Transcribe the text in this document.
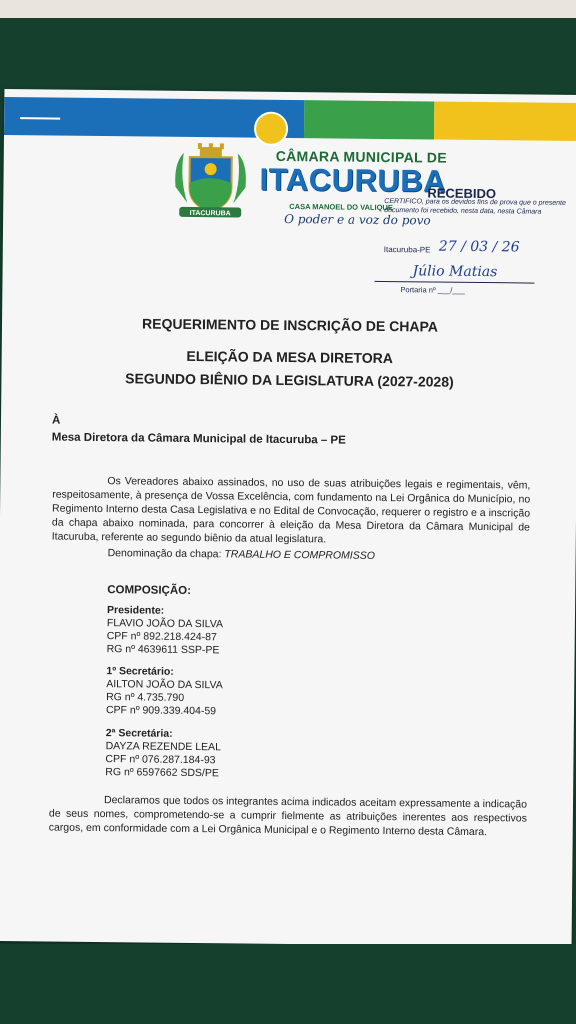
ITACURUBA
CÂMARA MUNICIPAL DE
ITACURUBA
CASA MANOEL DO VALIQUE
O poder e a voz do povo
RECEBIDO
CERTIFICO, para os devidos fins de prova que o presente documento foi recebido, nesta data, nesta Câmara
Itacuruba-PE 27 / 03 / 26
Júlio Matias
Portaria nº ___/___
REQUERIMENTO DE INSCRIÇÃO DE CHAPA
ELEIÇÃO DA MESA DIRETORA
SEGUNDO BIÊNIO DA LEGISLATURA (2027-2028)
À
Mesa Diretora da Câmara Municipal de Itacuruba – PE
Os Vereadores abaixo assinados, no uso de suas atribuições legais e regimentais, vêm, respeitosamente, à presença de Vossa Excelência, com fundamento na Lei Orgânica do Município, no Regimento Interno desta Casa Legislativa e no Edital de Convocação, requerer o registro e a inscrição da chapa abaixo nominada, para concorrer à eleição da Mesa Diretora da Câmara Municipal de Itacuruba, referente ao segundo biênio da atual legislatura.
Denominação da chapa: TRABALHO E COMPROMISSO
COMPOSIÇÃO:
Presidente:
FLAVIO JOÃO DA SILVA
CPF nº 892.218.424-87
RG nº 4639611 SSP-PE
1º Secretário:
AILTON JOÃO DA SILVA
RG nº 4.735.790
CPF nº 909.339.404-59
2ª Secretária:
DAYZA REZENDE LEAL
CPF nº 076.287.184-93
RG nº 6597662 SDS/PE
Declaramos que todos os integrantes acima indicados aceitam expressamente a indicação de seus nomes, comprometendo-se a cumprir fielmente as atribuições inerentes aos respectivos cargos, em conformidade com a Lei Orgânica Municipal e o Regimento Interno desta Câmara.
